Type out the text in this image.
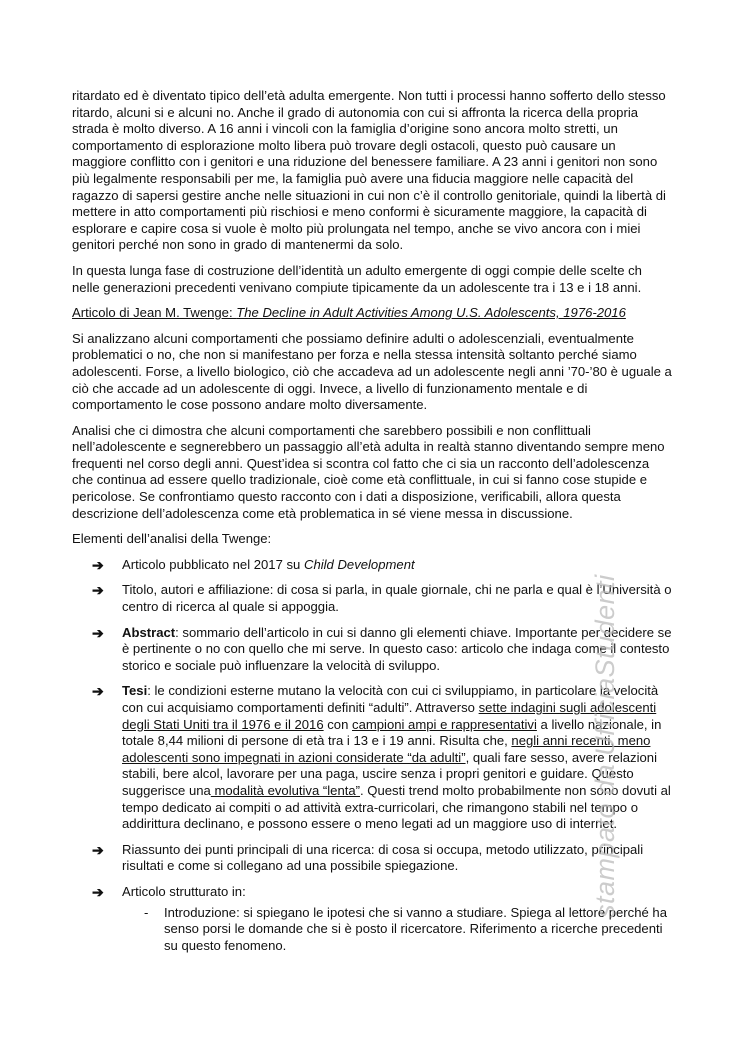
ritardato ed è diventato tipico dell’età adulta emergente. Non tutti i processi hanno sofferto dello stesso ritardo, alcuni si e alcuni no. Anche il grado di autonomia con cui si affronta la ricerca della propria strada è molto diverso. A 16 anni i vincoli con la famiglia d’origine sono ancora molto stretti, un comportamento di esplorazione molto libera può trovare degli ostacoli, questo può causare un maggiore conflitto con i genitori e una riduzione del benessere familiare. A 23 anni i genitori non sono più legalmente responsabili per me, la famiglia può avere una fiducia maggiore nelle capacità del ragazzo di sapersi gestire anche nelle situazioni in cui non c’è il controllo genitoriale, quindi la libertà di mettere in atto comportamenti più rischiosi e meno conformi è sicuramente maggiore, la capacità di esplorare e capire cosa si vuole è molto più prolungata nel tempo, anche se vivo ancora con i miei genitori perché non sono in grado di mantenermi da solo.

In questa lunga fase di costruzione dell’identità un adulto emergente di oggi compie delle scelte ch nelle generazioni precedenti venivano compiute tipicamente da un adolescente tra i 13 e i 18 anni.

Articolo di Jean M. Twenge: The Decline in Adult Activities Among U.S. Adolescents, 1976-2016

Si analizzano alcuni comportamenti che possiamo definire adulti o adolescenziali, eventualmente problematici o no, che non si manifestano per forza e nella stessa intensità soltanto perché siamo adolescenti. Forse, a livello biologico, ciò che accadeva ad un adolescente negli anni ’70-’80 è uguale a ciò che accade ad un adolescente di oggi. Invece, a livello di funzionamento mentale e di comportamento le cose possono andare molto diversamente.

Analisi che ci dimostra che alcuni comportamenti che sarebbero possibili e non conflittuali nell’adolescente e segnerebbero un passaggio all’età adulta in realtà stanno diventando sempre meno frequenti nel corso degli anni. Quest’idea si scontra col fatto che ci sia un racconto dell’adolescenza che continua ad essere quello tradizionale, cioè come età conflittuale, in cui si fanno cose stupide e pericolose. Se confrontiamo questo racconto con i dati a disposizione, verificabili, allora questa descrizione dell’adolescenza come età problematica in sé viene messa in discussione.

Elementi dell’analisi della Twenge:

➔ Articolo pubblicato nel 2017 su Child Development
➔ Titolo, autori e affiliazione: di cosa si parla, in quale giornale, chi ne parla e qual è l’Università o centro di ricerca al quale si appoggia.
➔ Abstract: sommario dell’articolo in cui si danno gli elementi chiave. Importante per decidere se è pertinente o no con quello che mi serve. In questo caso: articolo che indaga come il contesto storico e sociale può influenzare la velocità di sviluppo.
➔ Tesi: le condizioni esterne mutano la velocità con cui ci sviluppiamo, in particolare la velocità con cui acquisiamo comportamenti definiti “adulti”. Attraverso sette indagini sugli adolescenti degli Stati Uniti tra il 1976 e il 2016 con campioni ampi e rappresentativi a livello nazionale, in totale 8,44 milioni di persone di età tra i 13 e i 19 anni. Risulta che, negli anni recenti, meno adolescenti sono impegnati in azioni considerate “da adulti”, quali fare sesso, avere relazioni stabili, bere alcol, lavorare per una paga, uscire senza i propri genitori e guidare. Questo suggerisce una modalità evolutiva “lenta”. Questi trend molto probabilmente non sono dovuti al tempo dedicato ai compiti o ad attività extra-curricolari, che rimangono stabili nel tempo o addirittura declinano, e possono essere o meno legati ad un maggiore uso di internet.
➔ Riassunto dei punti principali di una ricerca: di cosa si occupa, metodo utilizzato, principali risultati e come si collegano ad una possibile spiegazione.
➔ Articolo strutturato in:
- Introduzione: si spiegano le ipotesi che si vanno a studiare. Spiega al lettore perché ha senso porsi le domande che si è posto il ricercatore. Riferimento a ricerche precedenti su questo fenomeno.
stampato da UfficiaStudenti
